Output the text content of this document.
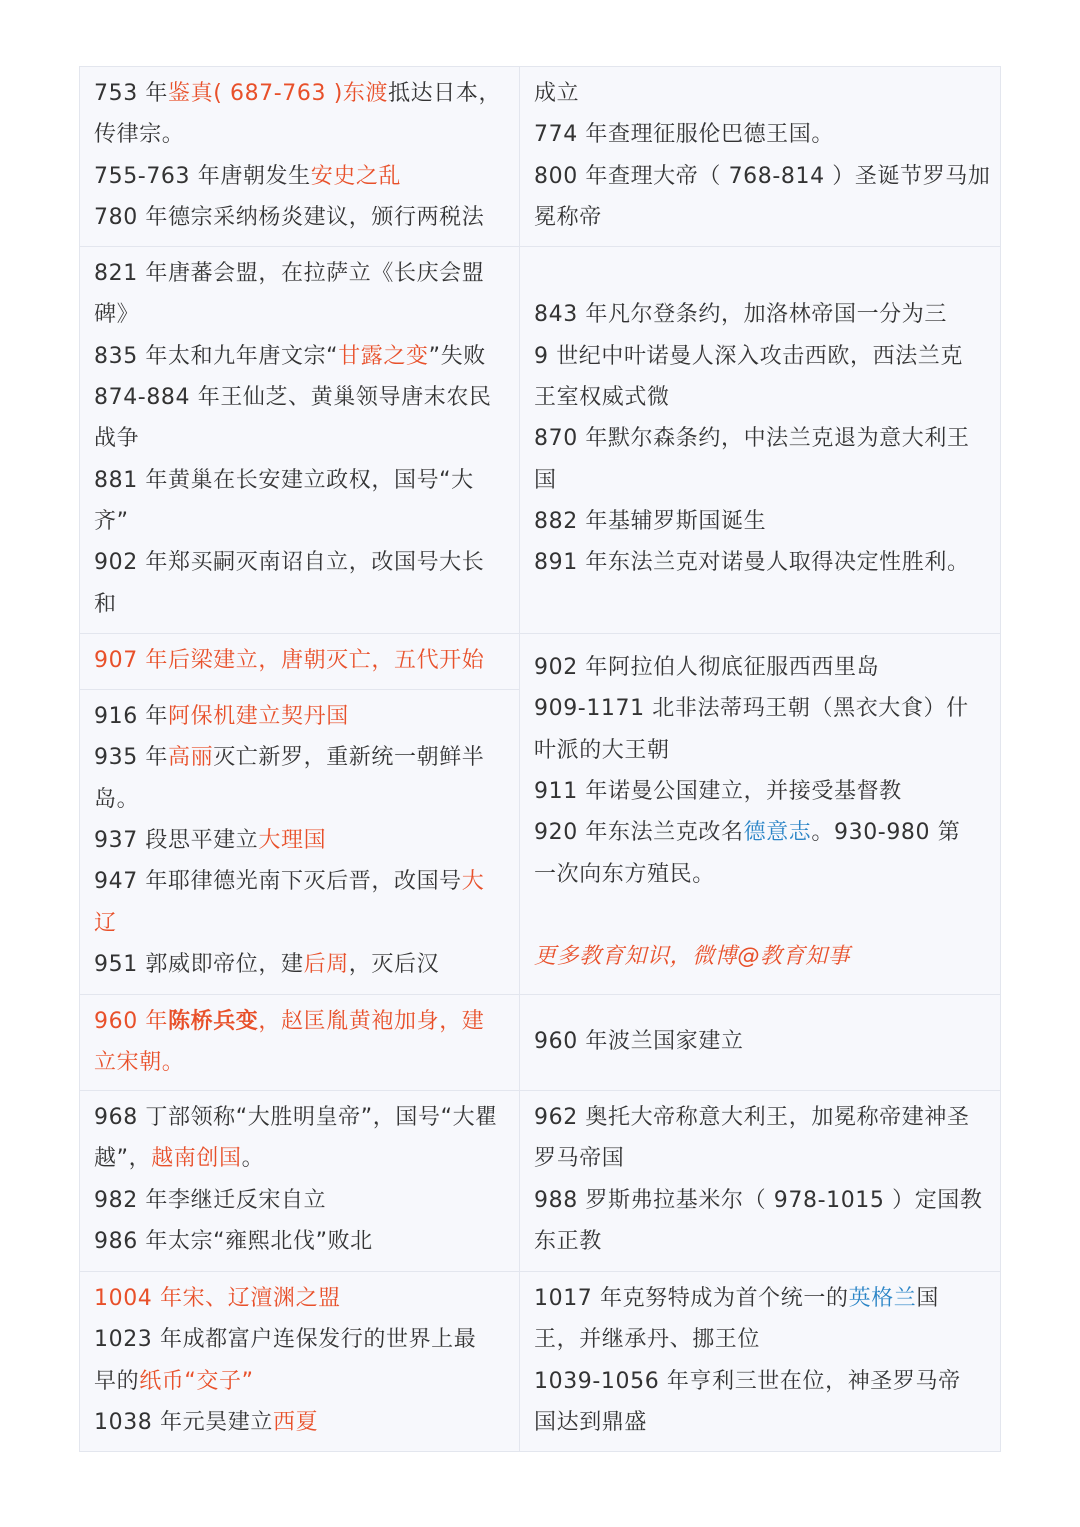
753 年鉴真( 687-763 )东渡抵达日本，
传律宗。
755-763 年唐朝发生安史之乱
780 年德宗采纳杨炎建议，颁行两税法
成立
774 年查理征服伦巴德王国。
800 年查理大帝（ 768-814 ）圣诞节罗马加
冕称帝
821 年唐蕃会盟，在拉萨立《长庆会盟
碑》
835 年太和九年唐文宗“甘露之变”失败
874-884 年王仙芝、黄巢领导唐末农民
战争
881 年黄巢在长安建立政权，国号“大
齐”
902 年郑买嗣灭南诏自立，改国号大长
和
843 年凡尔登条约，加洛林帝国一分为三
9 世纪中叶诺曼人深入攻击西欧，西法兰克
王室权威式微
870 年默尔森条约，中法兰克退为意大利王
国
882 年基辅罗斯国诞生
891 年东法兰克对诺曼人取得决定性胜利。
907 年后梁建立，唐朝灭亡，五代开始
916 年阿保机建立契丹国
935 年高丽灭亡新罗，重新统一朝鲜半
岛。
937 段思平建立大理国
947 年耶律德光南下灭后晋，改国号大
辽
951 郭威即帝位，建后周，灭后汉
902 年阿拉伯人彻底征服西西里岛
909-1171 北非法蒂玛王朝（黑衣大食）什
叶派的大王朝
911 年诺曼公国建立，并接受基督教
920 年东法兰克改名德意志。930-980 第
一次向东方殖民。
更多教育知识，微博@教育知事
960 年陈桥兵变，赵匡胤黄袍加身，建
立宋朝。
960 年波兰国家建立
968 丁部领称“大胜明皇帝”，国号“大瞿
越”，越南创国。
982 年李继迁反宋自立
986 年太宗“雍熙北伐”败北
962 奥托大帝称意大利王，加冕称帝建神圣
罗马帝国
988 罗斯弗拉基米尔（ 978-1015 ）定国教
东正教
1004 年宋、辽澶渊之盟
1023 年成都富户连保发行的世界上最
早的纸币“交子”
1038 年元昊建立西夏
1017 年克努特成为首个统一的英格兰国
王，并继承丹、挪王位
1039-1056 年亨利三世在位，神圣罗马帝
国达到鼎盛
